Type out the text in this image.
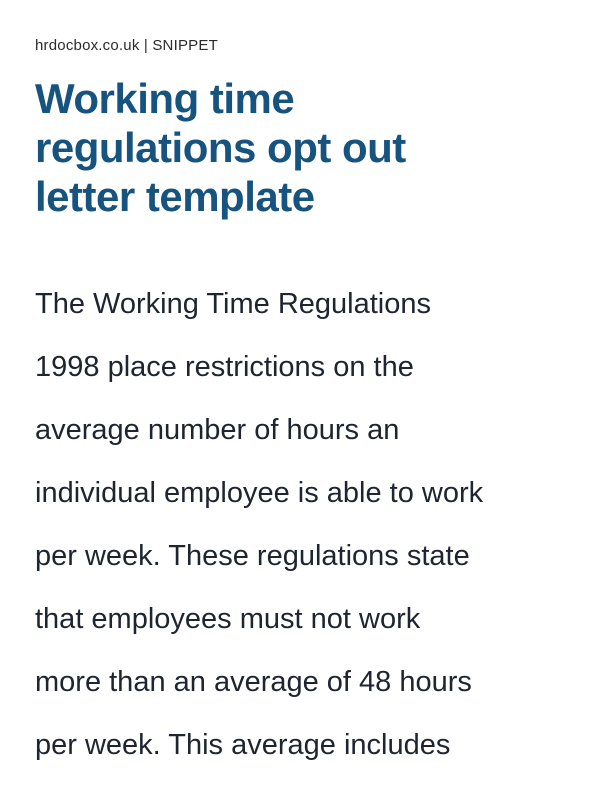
hrdocbox.co.uk | SNIPPET
Working time
regulations opt out
letter template
The Working Time Regulations
1998 place restrictions on the
average number of hours an
individual employee is able to work
per week. These regulations state
that employees must not work
more than an average of 48 hours
per week. This average includes
